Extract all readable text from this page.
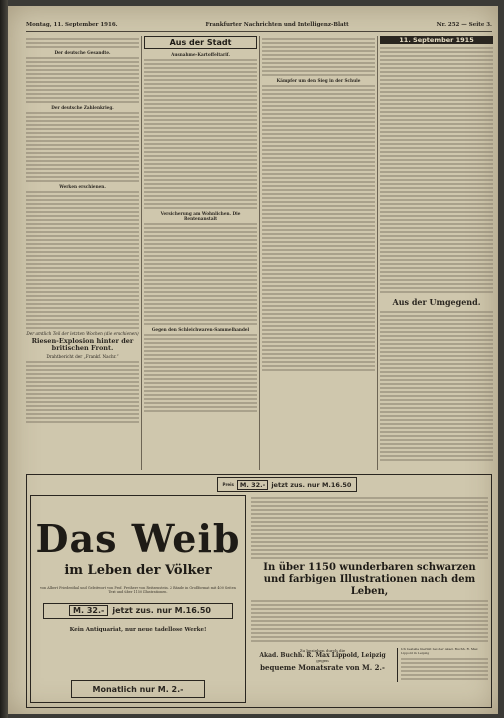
Montag, 11. September 1916.	Frankfurter Nachrichten und Intelligenz-Blatt	Nr. 252 — Seite 3.
Der deutsche Gesandte.
Der deutsche Zahlenkrieg.
Werken erschienen.
Der amtlich Teil der letzten Wochen (die erschienen)
Riesen-Explosion hinter der britischen Front.
Drahtbericht der „Frankf. Nachr.“
Aus der Stadt
Ausnahme-Kartoffeltarif.
Versicherung am Wohnlichen. Die Rentenanstalt
Gegen den Schleichwaren-Sammelhandel
Kämpfer um den Sieg in der Schule
11. September 1915
Aus der Umgegend.
Preis M. 32.- jetzt zus. nur M.16.50
Das Weib
im Leben der Völker
von Albert Friedenthal und Geleitwort von Prof. Freiherr von Reitzenstein. 2 Bände in Großformat mit 400 Seiten Text und über 1150 Illustrationen.
M. 32.-	jetzt zus. nur M.16.50
Kein Antiquariat, nur neue tadellose Werke!
Monatlich nur M. 2.-
In über 1150 wunderbaren schwarzen und farbigen Illustrationen nach dem Leben,
Zu beziehen durch die
Akad. Buchh. R. Max Lippold, Leipzig
gegen
bequeme Monatsrate von M. 2.-
Ich bestelle hiermit bei der Akad. Buchh. R. Max Lippold in Leipzig
